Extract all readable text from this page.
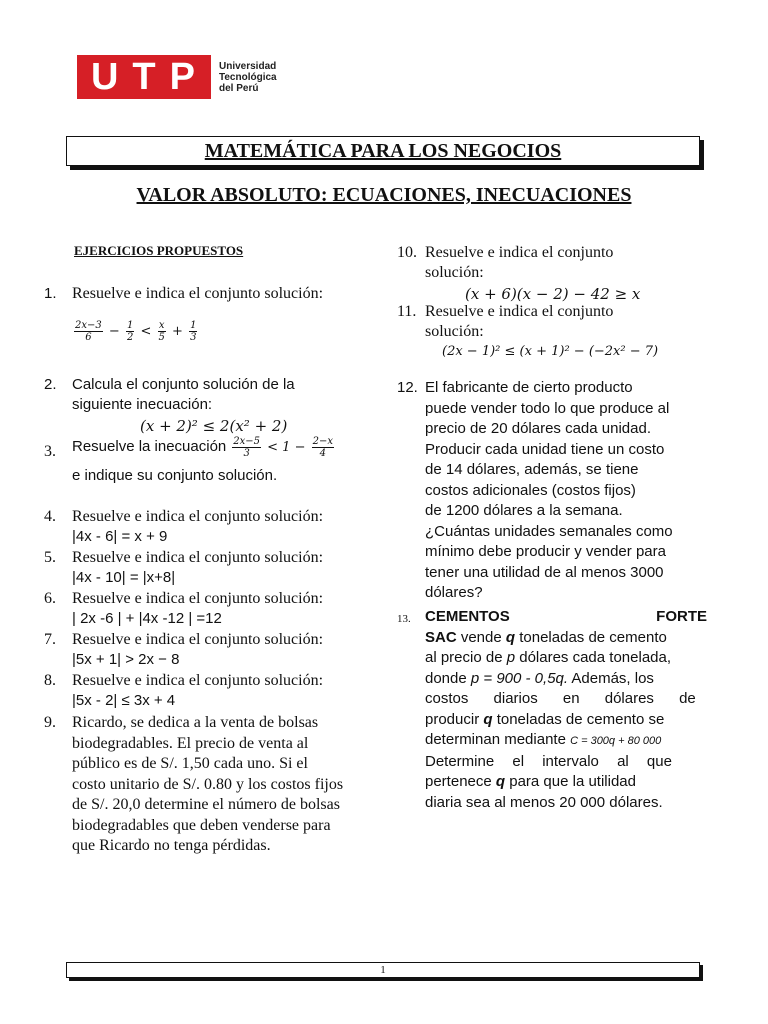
U T P Universidad
Tecnológica
del Perú
MATEMÁTICA PARA LOS NEGOCIOS
VALOR ABSOLUTO: ECUACIONES, INECUACIONES
EJERCICIOS PROPUESTOS
1. Resuelve e indica el conjunto solución:
$\frac{2x-3}{6} - \frac{1}{2} < \frac{x}{5} + \frac{1}{3}$
2. Calcula el conjunto solución de la
siguiente inecuación:
(x + 2)² ≤ 2(x² + 2)
3. Resuelve la inecuación $\frac{2x-5}{3} < 1 - \frac{2-x}{4}$
e indique su conjunto solución.
4. Resuelve e indica el conjunto solución:
|4x - 6| = x + 9
5. Resuelve e indica el conjunto solución:
|4x - 10| = |x+8|
6. Resuelve e indica el conjunto solución:
| 2x -6 | + |4x -12 | =12
7. Resuelve e indica el conjunto solución:
|5x + 1| > 2x − 8
8. Resuelve e indica el conjunto solución:
|5x - 2| ≤ 3x + 4
9. Ricardo, se dedica a la venta de bolsas
biodegradables. El precio de venta al
público es de S/. 1,50 cada uno. Si el
costo unitario de S/. 0.80 y los costos fijos
de S/. 20,0 determine el número de bolsas
biodegradables que deben venderse para
que Ricardo no tenga pérdidas.
10. Resuelve e indica el conjunto
solución:
(x + 6)(x − 2) − 42 ≥ x
11. Resuelve e indica el conjunto
solución:
(2x − 1)² ≤ (x + 1)² − (−2x² − 7)
12. El fabricante de cierto producto
puede vender todo lo que produce al
precio de 20 dólares cada unidad.
Producir cada unidad tiene un costo
de 14 dólares, además, se tiene
costos adicionales (costos fijos)
de 1200 dólares a la semana.
¿Cuántas unidades semanales como
mínimo debe producir y vender para
tener una utilidad de al menos 3000
dólares?
13. CEMENTOS	FORTE
SAC vende q toneladas de cemento
al precio de p dólares cada tonelada,
donde p = 900 - 0,5q. Además, los
costos diarios en dólares de
producir q toneladas de cemento se
determinan mediante C = 300q + 80 000
Determine el intervalo al que
pertenece q para que la utilidad
diaria sea al menos 20 000 dólares.
1
